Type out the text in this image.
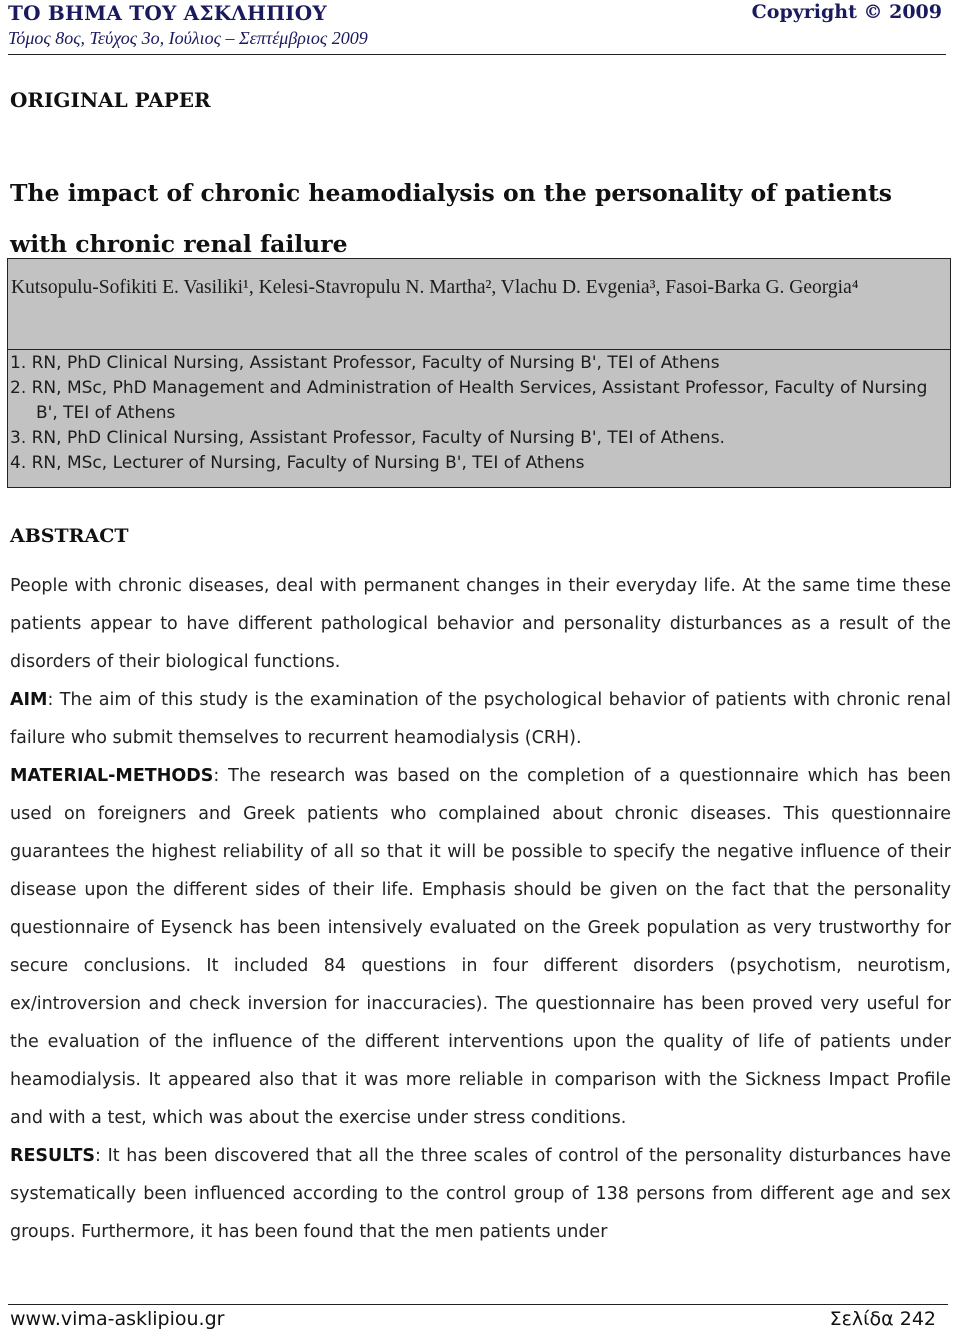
ΤΟ ΒΗΜΑ ΤΟΥ ΑΣΚΛΗΠΙΟΥ
Τόμος 8ος, Τεύχος 3ο, Ιούλιος – Σεπτέμβριος 2009
Copyright © 2009
ORIGINAL PAPER
The impact of chronic heamodialysis on the personality of patients with chronic renal failure
Kutsopulu-Sofikiti E. Vasiliki¹, Kelesi-Stavropulu N. Martha², Vlachu D. Evgenia³, Fasoi-Barka G. Georgia⁴
1. RN, PhD Clinical Nursing, Assistant Professor, Faculty of Nursing B', TEI of Athens
2. RN, MSc, PhD Management and Administration of Health Services, Assistant Professor, Faculty of Nursing B', TEI of Athens
3. RN, PhD Clinical Nursing, Assistant Professor, Faculty of Nursing B', TEI of Athens.
4. RN, MSc, Lecturer of Nursing, Faculty of Nursing B', TEI of Athens
ABSTRACT

People with chronic diseases, deal with permanent changes in their everyday life. At the same time these patients appear to have different pathological behavior and personality disturbances as a result of the disorders of their biological functions.

AIM: The aim of this study is the examination of the psychological behavior of patients with chronic renal failure who submit themselves to recurrent heamodialysis (CRH).

MATERIAL-METHODS: The research was based on the completion of a questionnaire which has been used on foreigners and Greek patients who complained about chronic diseases. This questionnaire guarantees the highest reliability of all so that it will be possible to specify the negative influence of their disease upon the different sides of their life. Emphasis should be given on the fact that the personality questionnaire of Eysenck has been intensively evaluated on the Greek population as very trustworthy for secure conclusions. It included 84 questions in four different disorders (psychotism, neurotism, ex/introversion and check inversion for inaccuracies). The questionnaire has been proved very useful for the evaluation of the influence of the different interventions upon the quality of life of patients under heamodialysis. It appeared also that it was more reliable in comparison with the Sickness Impact Profile and with a test, which was about the exercise under stress conditions.

RESULTS: It has been discovered that all the three scales of control of the personality disturbances have systematically been influenced according to the control group of 138 persons from different age and sex groups. Furthermore, it has been found that the men patients under

www.vima-asklipiou.gr	Σελίδα 242
